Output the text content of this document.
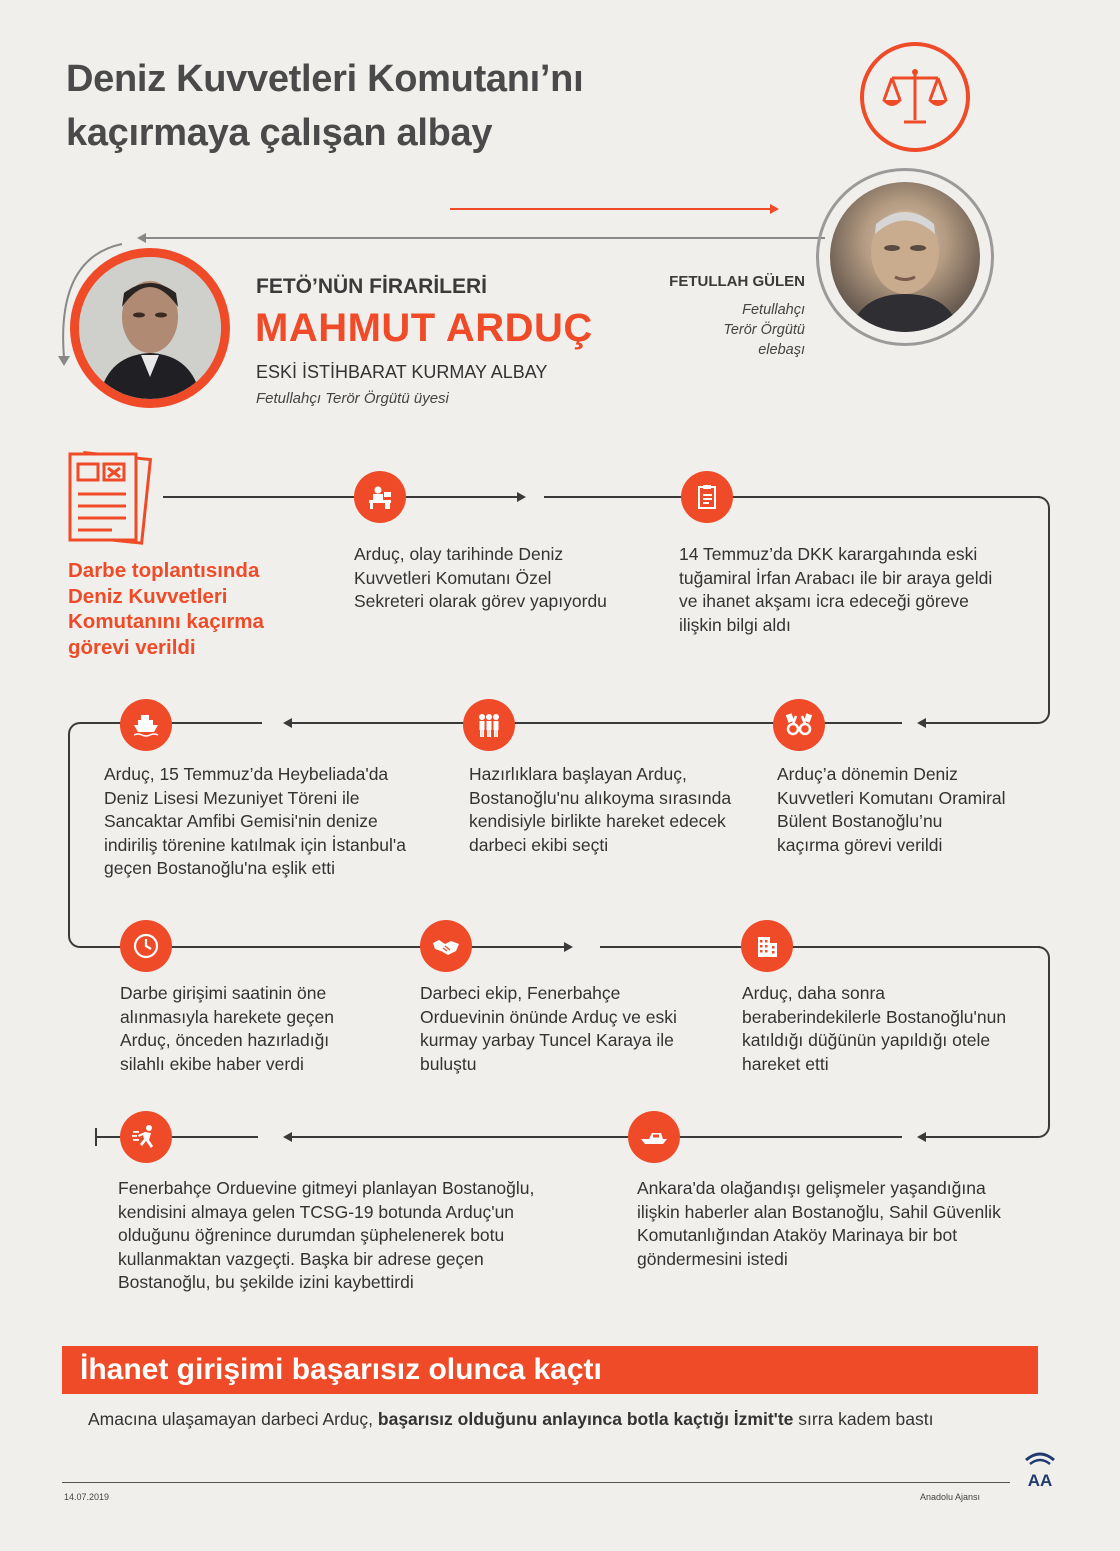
Deniz Kuvvetleri Komutanı’nı
kaçırmaya çalışan albay
FETULLAH GÜLEN
Fetullahçı
Terör Örgütü
elebaşı
FETÖ’NÜN FİRARİLERİ
MAHMUT ARDUÇ
ESKİ İSTİHBARAT KURMAY ALBAY
Fetullahçı Terör Örgütü üyesi
Darbe toplantısında
Deniz Kuvvetleri
Komutanını kaçırma
görevi verildi
Arduç, olay tarihinde Deniz
Kuvvetleri Komutanı Özel
Sekreteri olarak görev yapıyordu
14 Temmuz’da DKK karargahında eski
tuğamiral İrfan Arabacı ile bir araya geldi
ve ihanet akşamı icra edeceği göreve
ilişkin bilgi aldı
Arduç’a dönemin Deniz
Kuvvetleri Komutanı Oramiral
Bülent Bostanoğlu’nu
kaçırma görevi verildi
Hazırlıklara başlayan Arduç,
Bostanoğlu'nu alıkoyma sırasında
kendisiyle birlikte hareket edecek
darbeci ekibi seçti
Arduç, 15 Temmuz’da Heybeliada'da
Deniz Lisesi Mezuniyet Töreni ile
Sancaktar Amfibi Gemisi'nin denize
indiriliş törenine katılmak için İstanbul'a
geçen Bostanoğlu'na eşlik etti
Darbe girişimi saatinin öne
alınmasıyla harekete geçen
Arduç, önceden hazırladığı
silahlı ekibe haber verdi
Darbeci ekip, Fenerbahçe
Orduevinin önünde Arduç ve eski
kurmay yarbay Tuncel Karaya ile
buluştu
Arduç, daha sonra
beraberindekilerle Bostanoğlu'nun
katıldığı düğünün yapıldığı otele
hareket etti
Ankara'da olağandışı gelişmeler yaşandığına
ilişkin haberler alan Bostanoğlu, Sahil Güvenlik
Komutanlığından Ataköy Marinaya bir bot
göndermesini istedi
Fenerbahçe Orduevine gitmeyi planlayan Bostanoğlu,
kendisini almaya gelen TCSG-19 botunda Arduç'un
olduğunu öğrenince durumdan şüphelenerek botu
kullanmaktan vazgeçti. Başka bir adrese geçen
Bostanoğlu, bu şekilde izini kaybettirdi
İhanet girişimi başarısız olunca kaçtı
Amacına ulaşamayan darbeci Arduç, başarısız olduğunu anlayınca botla kaçtığı İzmit'te sırra kadem bastı
14.07.2019	Anadolu Ajansı
AA
